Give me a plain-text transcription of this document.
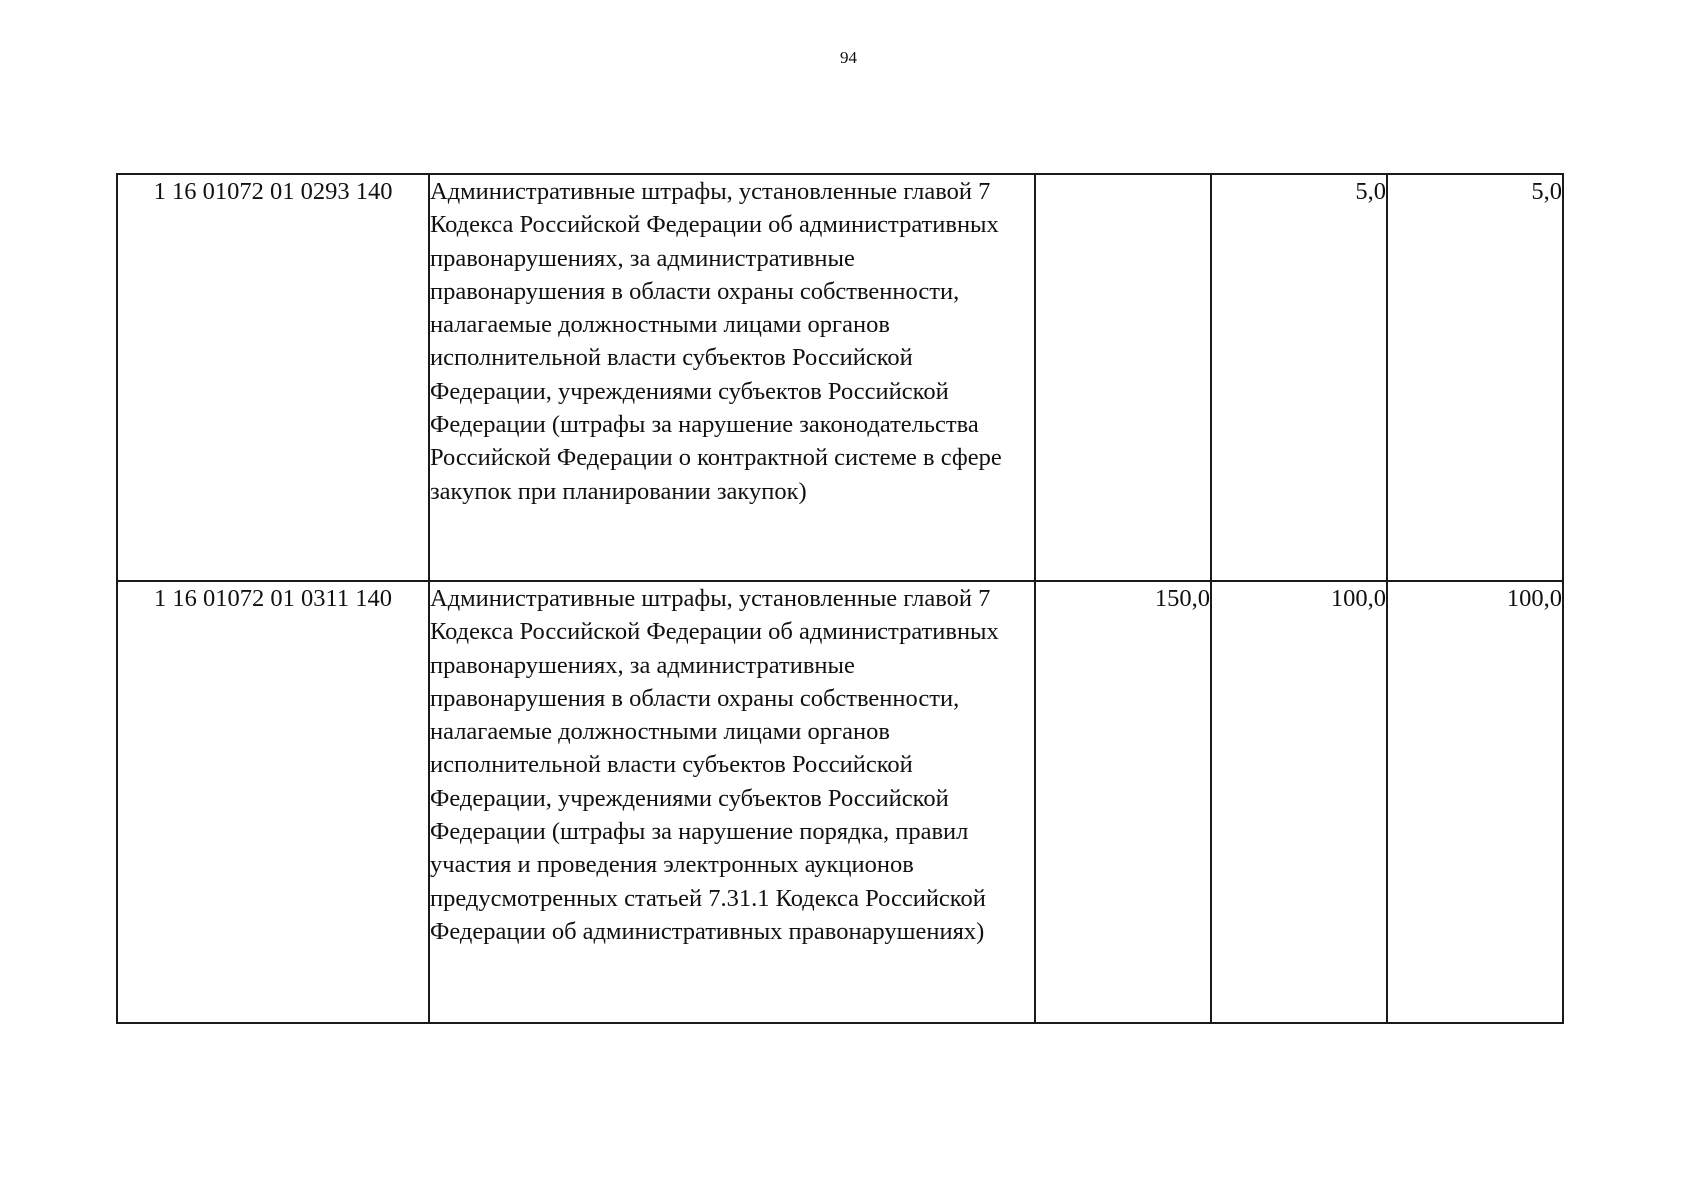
94
1 16 01072 01 0293 140	Административные штрафы, установленные главой 7 Кодекса Российской Федерации об административных правонарушениях, за административные правонарушения в области охраны собственности, налагаемые должностными лицами органов исполнительной власти субъектов Российской Федерации, учреждениями субъектов Российской Федерации (штрафы за нарушение законодательства Российской Федерации о контрактной системе в сфере закупок при планировании закупок)		5,0	5,0
1 16 01072 01 0311 140	Административные штрафы, установленные главой 7 Кодекса Российской Федерации об административных правонарушениях, за административные правонарушения в области охраны собственности, налагаемые должностными лицами органов исполнительной власти субъектов Российской Федерации, учреждениями субъектов Российской Федерации (штрафы за нарушение порядка, правил участия и проведения электронных аукционов предусмотренных статьей 7.31.1 Кодекса Российской Федерации об административных правонарушениях)	150,0	100,0	100,0
